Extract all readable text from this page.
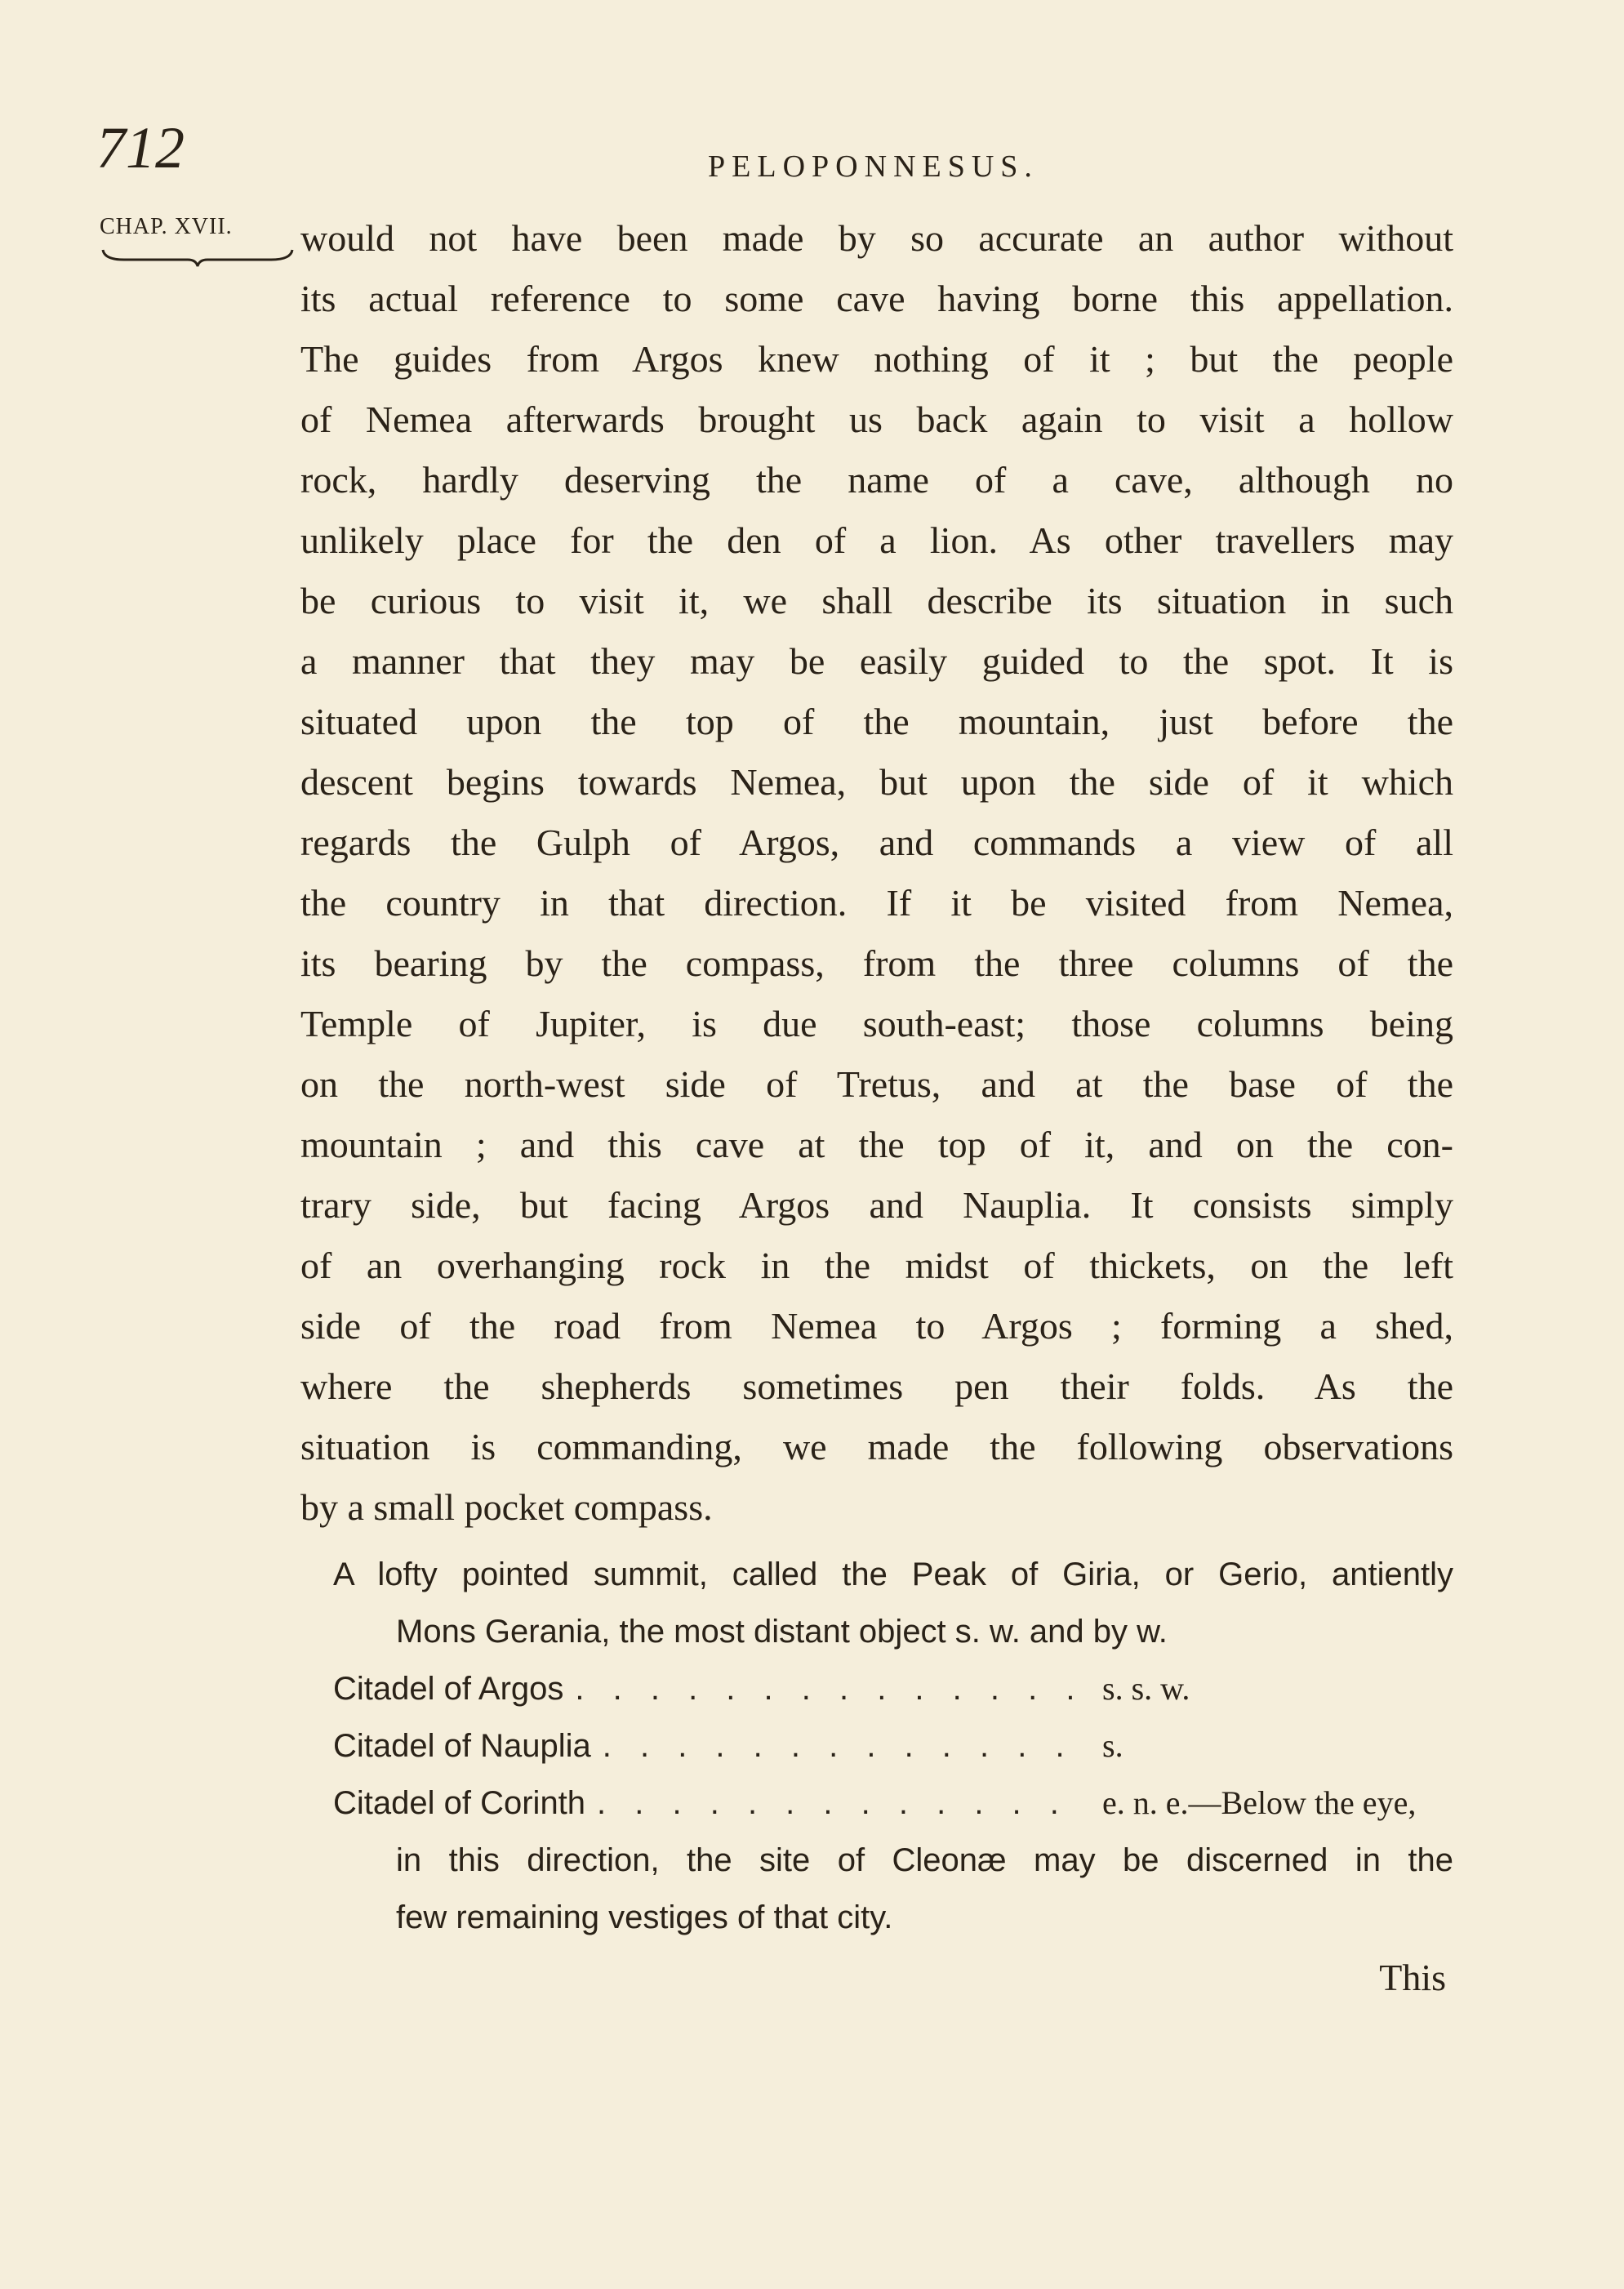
712	PELOPONNESUS.
CHAP. XVII. would not have been made by so accurate an author without
its actual reference to some cave having borne this appellation.
The guides from Argos knew nothing of it ; but the people
of Nemea afterwards brought us back again to visit a hollow
rock, hardly deserving the name of a cave, although no
unlikely place for the den of a lion. As other travellers may
be curious to visit it, we shall describe its situation in such
a manner that they may be easily guided to the spot. It is
situated upon the top of the mountain, just before the
descent begins towards Nemea, but upon the side of it which
regards the Gulph of Argos, and commands a view of all
the country in that direction. If it be visited from Nemea,
its bearing by the compass, from the three columns of the
Temple of Jupiter, is due south-east; those columns being
on the north-west side of Tretus, and at the base of the
mountain ; and this cave at the top of it, and on the con-
trary side, but facing Argos and Nauplia. It consists simply
of an overhanging rock in the midst of thickets, on the left
side of the road from Nemea to Argos ; forming a shed,
where the shepherds sometimes pen their folds. As the
situation is commanding, we made the following observations
by a small pocket compass.
A lofty pointed summit, called the Peak of Giria, or Gerio, antiently
Mons Gerania, the most distant object s. w. and by w.
Citadel of Argos . . . . . . . . . . . . . . s. s. w.
Citadel of Nauplia . . . . . . . . . . . . . s.
Citadel of Corinth . . . . . . . . . . . . .	e. n. e.—Below the eye,
in this direction, the site of Cleonæ may be discerned in the
few remaining vestiges of that city.
This
